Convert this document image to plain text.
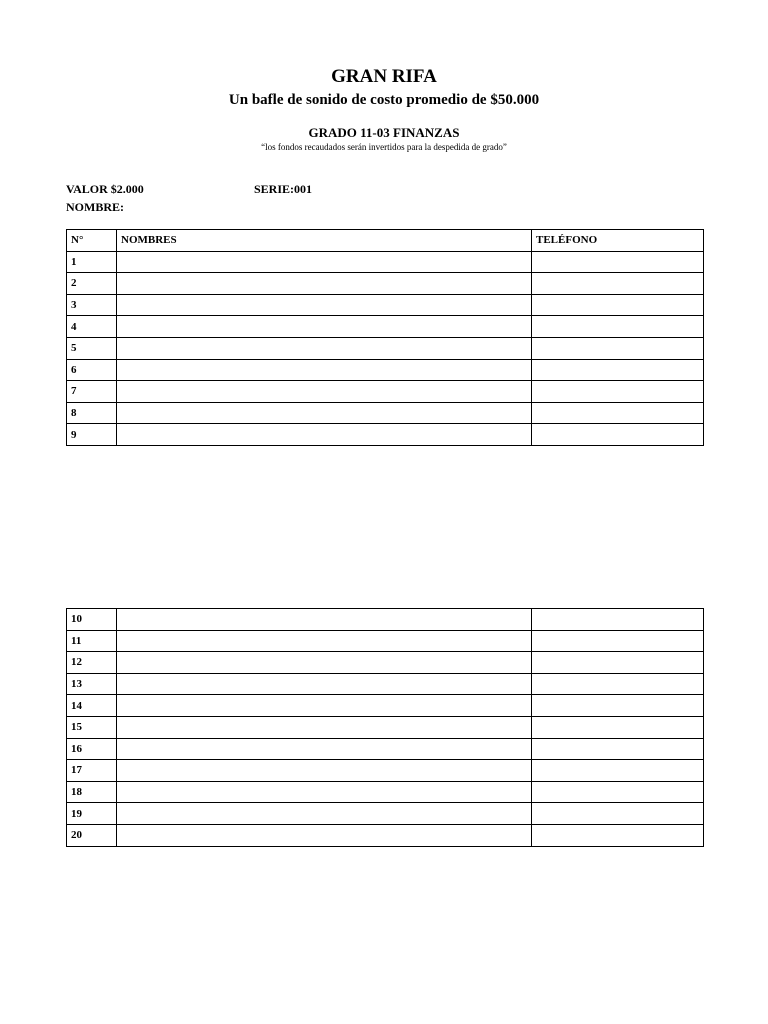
GRAN RIFA
Un bafle de sonido de costo promedio de $50.000
GRADO 11-03 FINANZAS
“los fondos recaudados serán invertidos para la despedida de grado”
VALOR $2.000	SERIE:001
NOMBRE:
N°	NOMBRES	TELÉFONO
1		
2		
3		
4		
5		
6		
7		
8		
9		
10		
11		
12		
13		
14		
15		
16		
17		
18		
19		
20		
